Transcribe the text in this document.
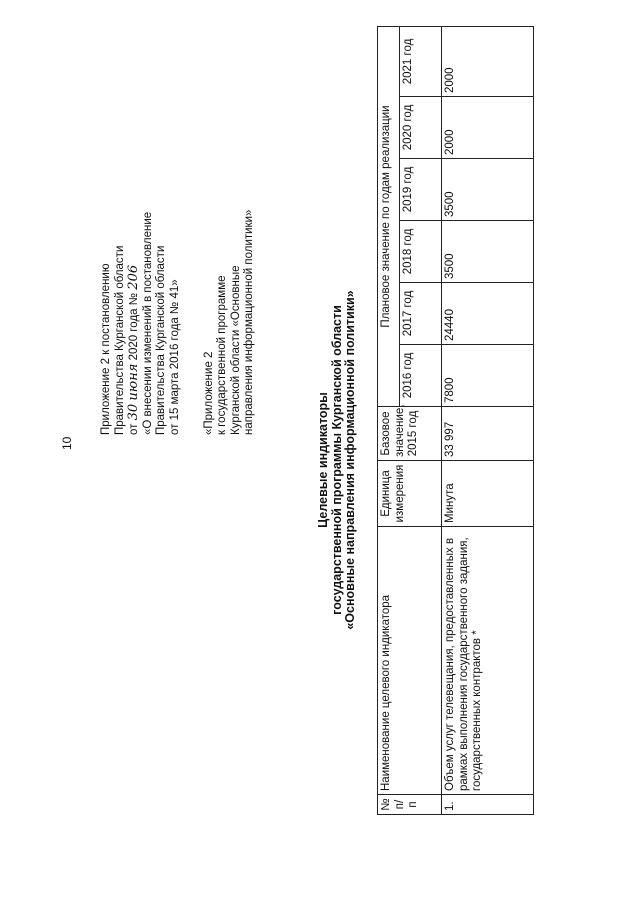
10
Приложение 2 к постановлению Правительства Курганской области от 30 июня 2020 года № 206 «О внесении изменений в постановление Правительства Курганской области от 15 марта 2016 года № 41» «Приложение 2 к государственной программе Курганской области «Основные направления информационной политики»
Целевые индикаторы государственной программы Курганской области «Основные направления информационной политики»
№ п/п	Наименование целевого индикатора	Единица измерения	Базовое значение, 2015 год	Плановое значение по годам реализации					
				2016 год	2017 год	2018 год	2019 год	2020 год	2021 год
1.	Объем услуг телевещания, предоставленных в рамках выполнения государственного задания, государственных контрактов *	Минута	33 997	7800	24440	3500	3500	2000	2000
